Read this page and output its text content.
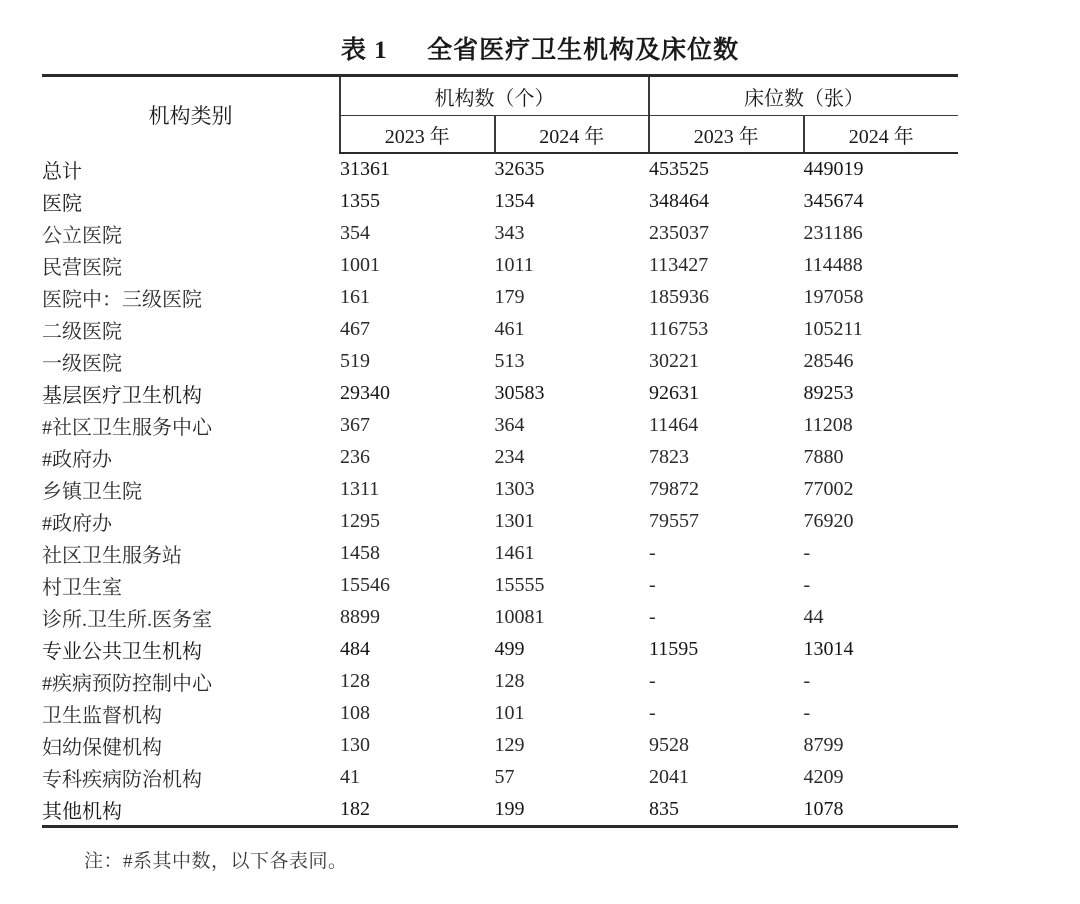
表 1 全省医疗卫生机构及床位数
机构类别	机构数（个）		床位数（张）	
	2023 年	2024 年	2023 年	2024 年
总计	31361	32635	453525	449019
医院	1355	1354	348464	345674
公立医院	354	343	235037	231186
民营医院	1001	1011	113427	114488
医院中：三级医院	161	179	185936	197058
二级医院	467	461	116753	105211
一级医院	519	513	30221	28546
基层医疗卫生机构	29340	30583	92631	89253
#社区卫生服务中心	367	364	11464	11208
#政府办	236	234	7823	7880
乡镇卫生院	1311	1303	79872	77002
#政府办	1295	1301	79557	76920
社区卫生服务站	1458	1461	-	-
村卫生室	15546	15555	-	-
诊所.卫生所.医务室	8899	10081	-	44
专业公共卫生机构	484	499	11595	13014
#疾病预防控制中心	128	128	-	-
卫生监督机构	108	101	-	-
妇幼保健机构	130	129	9528	8799
专科疾病防治机构	41	57	2041	4209
其他机构	182	199	835	1078
注：#系其中数，以下各表同。
